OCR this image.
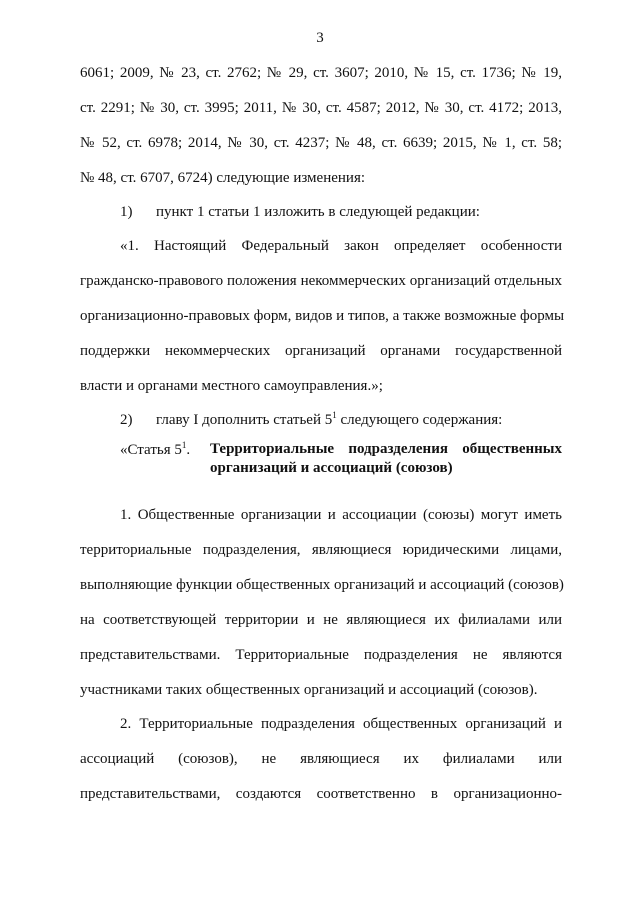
3
6061; 2009, № 23, ст. 2762; № 29, ст. 3607; 2010, № 15, ст. 1736; № 19,
ст. 2291; № 30, ст. 3995; 2011, № 30, ст. 4587; 2012, № 30, ст. 4172; 2013,
№ 52, ст. 6978; 2014, № 30, ст. 4237; № 48, ст. 6639; 2015, № 1, ст. 58;
№ 48, ст. 6707, 6724) следующие изменения:
1) пункт 1 статьи 1 изложить в следующей редакции:
«1. Настоящий Федеральный закон определяет особенности
гражданско-правового положения некоммерческих организаций отдельных
организационно-правовых форм, видов и типов, а также возможные формы
поддержки некоммерческих организаций органами государственной
власти и органами местного самоуправления.»;
2) главу I дополнить статьей $5^1$ следующего содержания:
«Статья $5^1$. Территориальные подразделения общественных
организаций и ассоциаций (союзов)
1. Общественные организации и ассоциации (союзы) могут иметь
территориальные подразделения, являющиеся юридическими лицами,
выполняющие функции общественных организаций и ассоциаций (союзов)
на соответствующей территории и не являющиеся их филиалами или
представительствами. Территориальные подразделения не являются
участниками таких общественных организаций и ассоциаций (союзов).
2. Территориальные подразделения общественных организаций и
ассоциаций (союзов), не являющиеся их филиалами или
представительствами, создаются соответственно в организационно-
